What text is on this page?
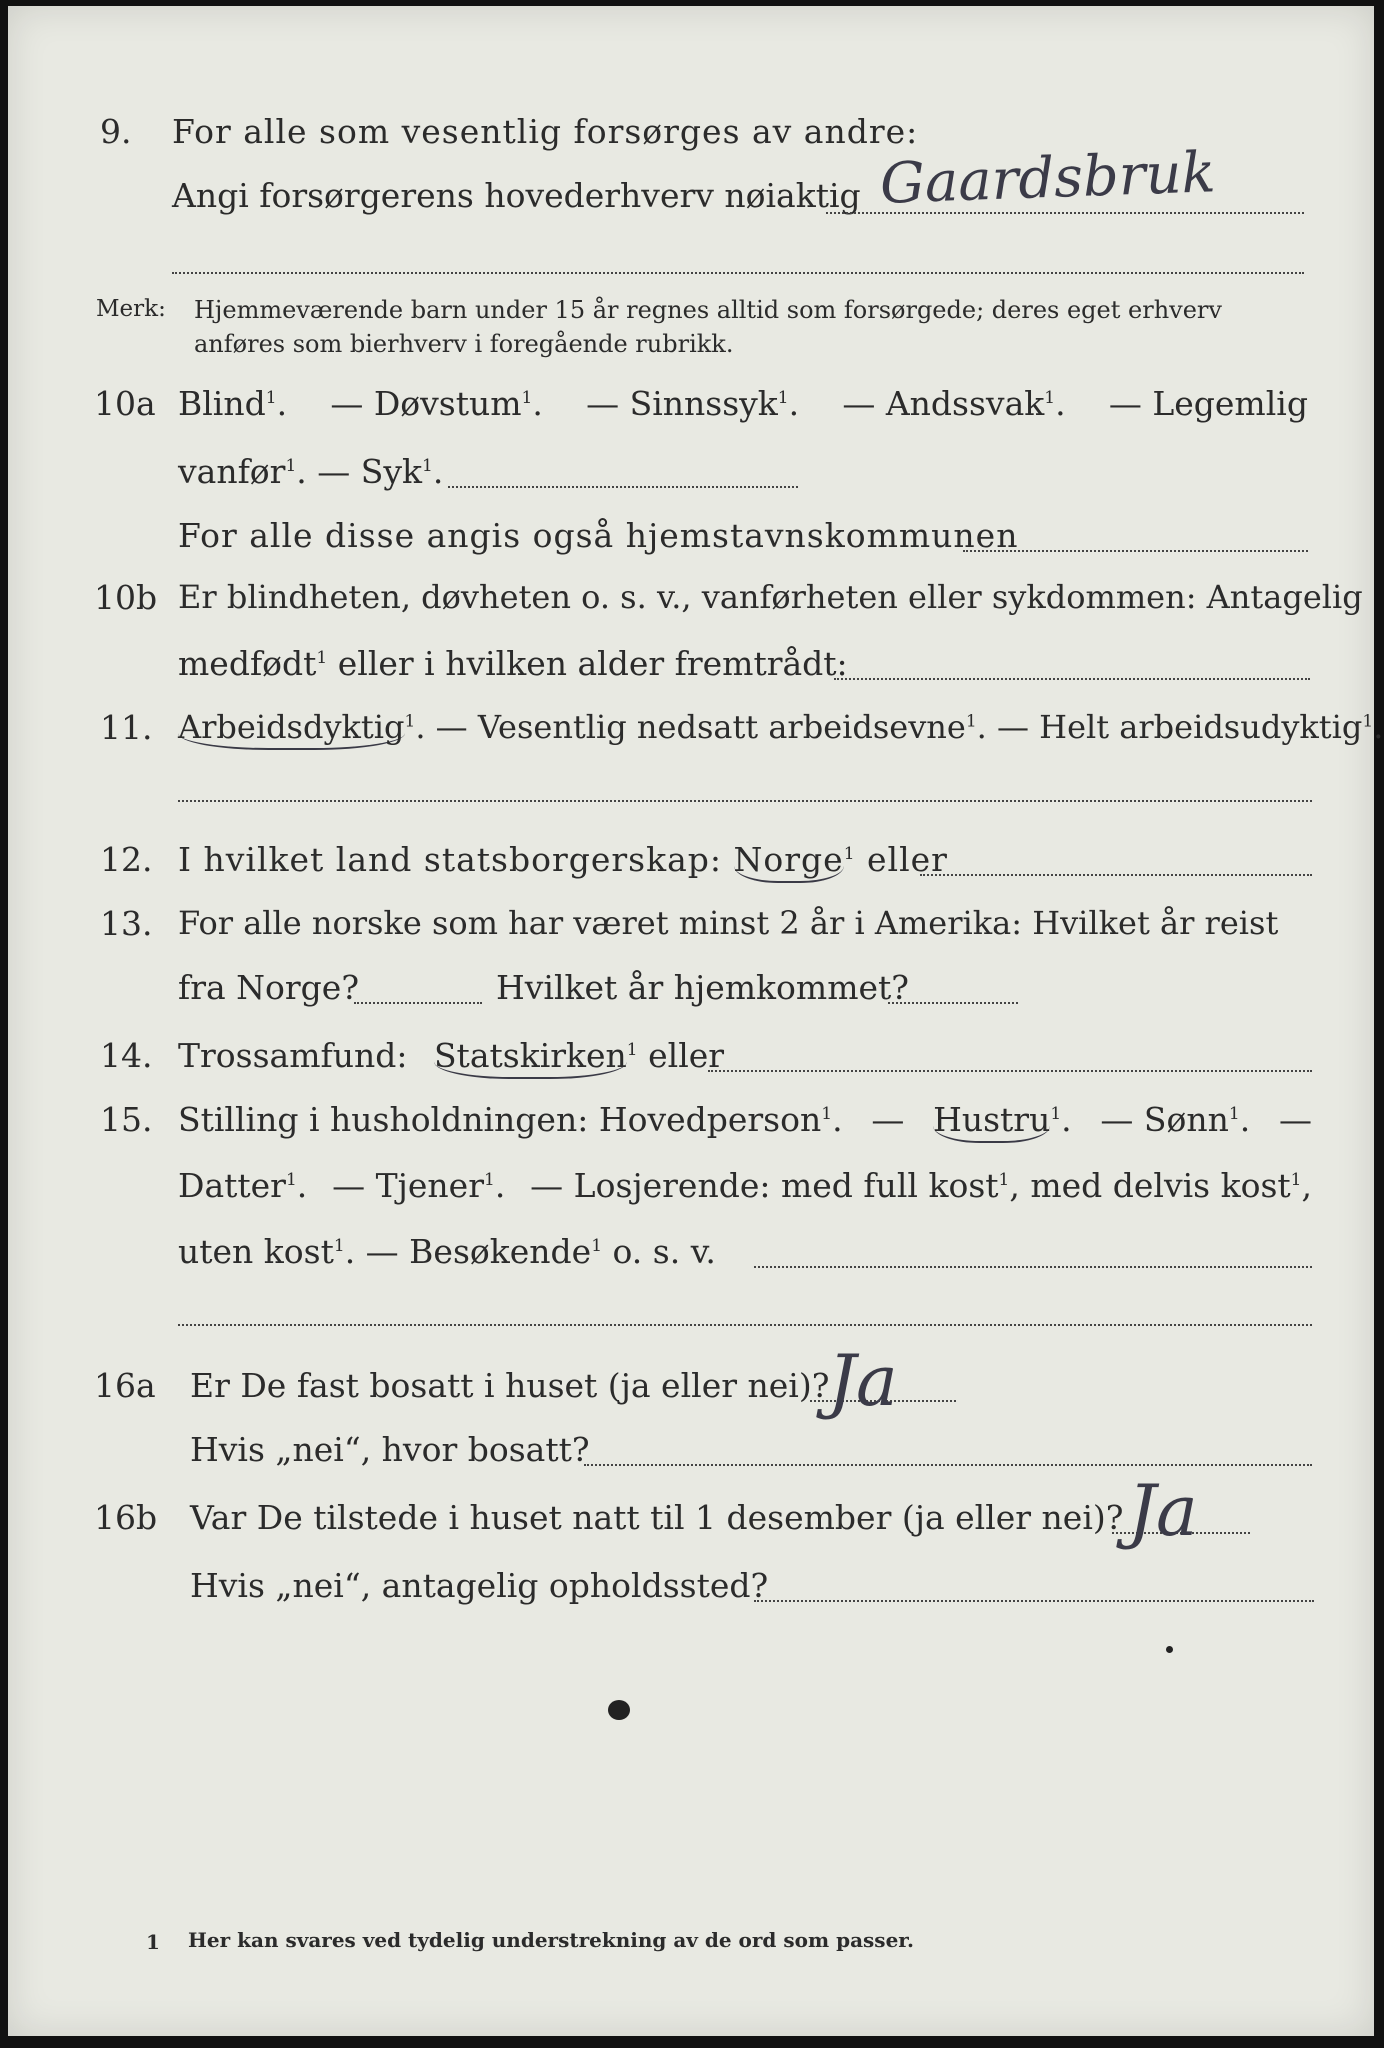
9. For alle som vesentlig forsørges av andre:
Angi forsørgerens hovederhverv nøiaktig Gaardsbruk
Merk: Hjemmeværende barn under 15 år regnes alltid som forsørgede; deres eget erhverv
anføres som bierhverv i foregående rubrikk.
10a Blind$^1$. — Døvstum$^1$. — Sinnssyk$^1$. — Andssvak$^1$. — Legemlig
vanfør$^1$. — Syk$^1$.
For alle disse angis også hjemstavnskommunen
10b Er blindheten, døvheten o. s. v., vanførheten eller sykdommen: Antagelig
medfødt$^1$ eller i hvilken alder fremtrådt:
11. Arbeidsdyktig$^1$. — Vesentlig nedsatt arbeidsevne$^1$. — Helt arbeidsudyktig$^1$.
12. I hvilket land statsborgerskap: Norge$^1$ eller
13. For alle norske som har været minst 2 år i Amerika: Hvilket år reist
fra Norge?	Hvilket år hjemkommet?
14. Trossamfund: Statskirken$^1$ eller
15. Stilling i husholdningen: Hovedperson$^1$. — Hustru$^1$. — Sønn$^1$. —
Datter$^1$. — Tjener$^1$. — Losjerende: med full kost$^1$, med delvis kost$^1$,
uten kost$^1$. — Besøkende$^1$ o. s. v.
16a Er De fast bosatt i huset (ja eller nei)?
Ja
Hvis „nei“, hvor bosatt?
16b Var De tilstede i huset natt til 1 desember (ja eller nei)? Ja
Hvis „nei“, antagelig opholdssted?
1 Her kan svares ved tydelig understrekning av de ord som passer.
